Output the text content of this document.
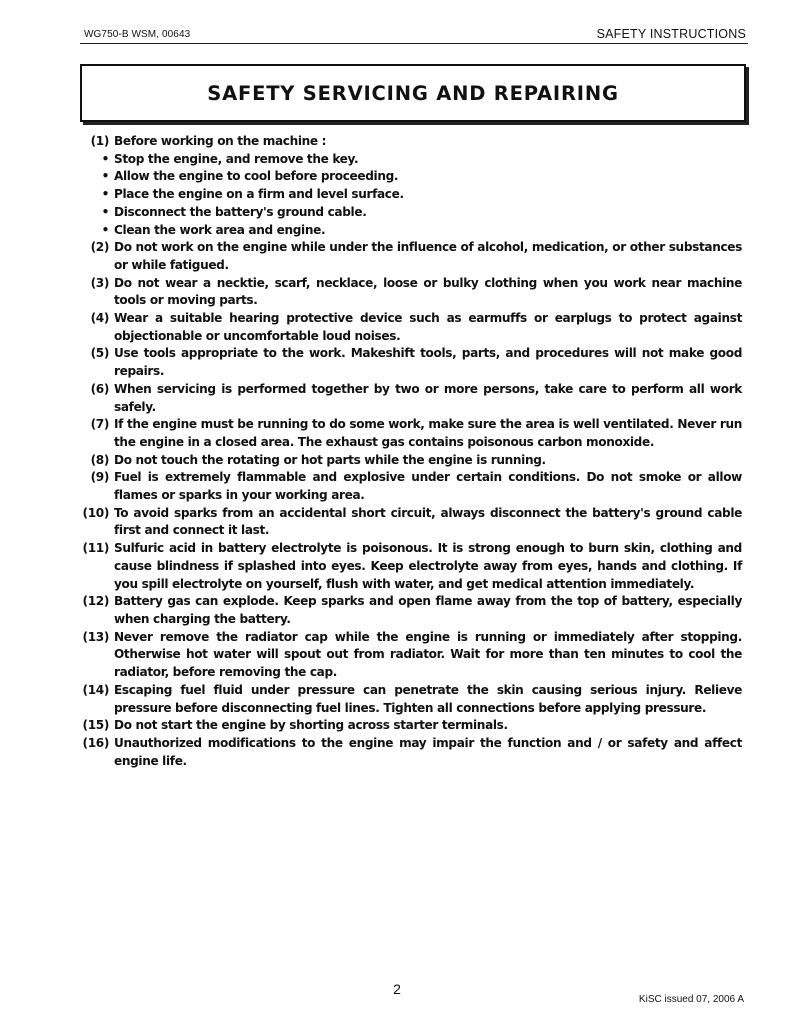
WG750-B WSM, 00643	SAFETY INSTRUCTIONS
SAFETY SERVICING AND REPAIRING
(1) Before working on the machine :
• Stop the engine, and remove the key.
• Allow the engine to cool before proceeding.
• Place the engine on a firm and level surface.
• Disconnect the battery's ground cable.
• Clean the work area and engine.
(2) Do not work on the engine while under the influence of alcohol, medication, or other substances or while fatigued.
(3) Do not wear a necktie, scarf, necklace, loose or bulky clothing when you work near machine tools or moving parts.
(4) Wear a suitable hearing protective device such as earmuffs or earplugs to protect against objectionable or uncomfortable loud noises.
(5) Use tools appropriate to the work. Makeshift tools, parts, and procedures will not make good repairs.
(6) When servicing is performed together by two or more persons, take care to perform all work safely.
(7) If the engine must be running to do some work, make sure the area is well ventilated. Never run the engine in a closed area. The exhaust gas contains poisonous carbon monoxide.
(8) Do not touch the rotating or hot parts while the engine is running.
(9) Fuel is extremely flammable and explosive under certain conditions. Do not smoke or allow flames or sparks in your working area.
(10) To avoid sparks from an accidental short circuit, always disconnect the battery's ground cable first and connect it last.
(11) Sulfuric acid in battery electrolyte is poisonous. It is strong enough to burn skin, clothing and cause blindness if splashed into eyes. Keep electrolyte away from eyes, hands and clothing. If you spill electrolyte on yourself, flush with water, and get medical attention immediately.
(12) Battery gas can explode. Keep sparks and open flame away from the top of battery, especially when charging the battery.
(13) Never remove the radiator cap while the engine is running or immediately after stopping. Otherwise hot water will spout out from radiator. Wait for more than ten minutes to cool the radiator, before removing the cap.
(14) Escaping fuel fluid under pressure can penetrate the skin causing serious injury. Relieve pressure before disconnecting fuel lines. Tighten all connections before applying pressure.
(15) Do not start the engine by shorting across starter terminals.
(16) Unauthorized modifications to the engine may impair the function and / or safety and affect engine life.
2
KiSC issued 07, 2006 A
